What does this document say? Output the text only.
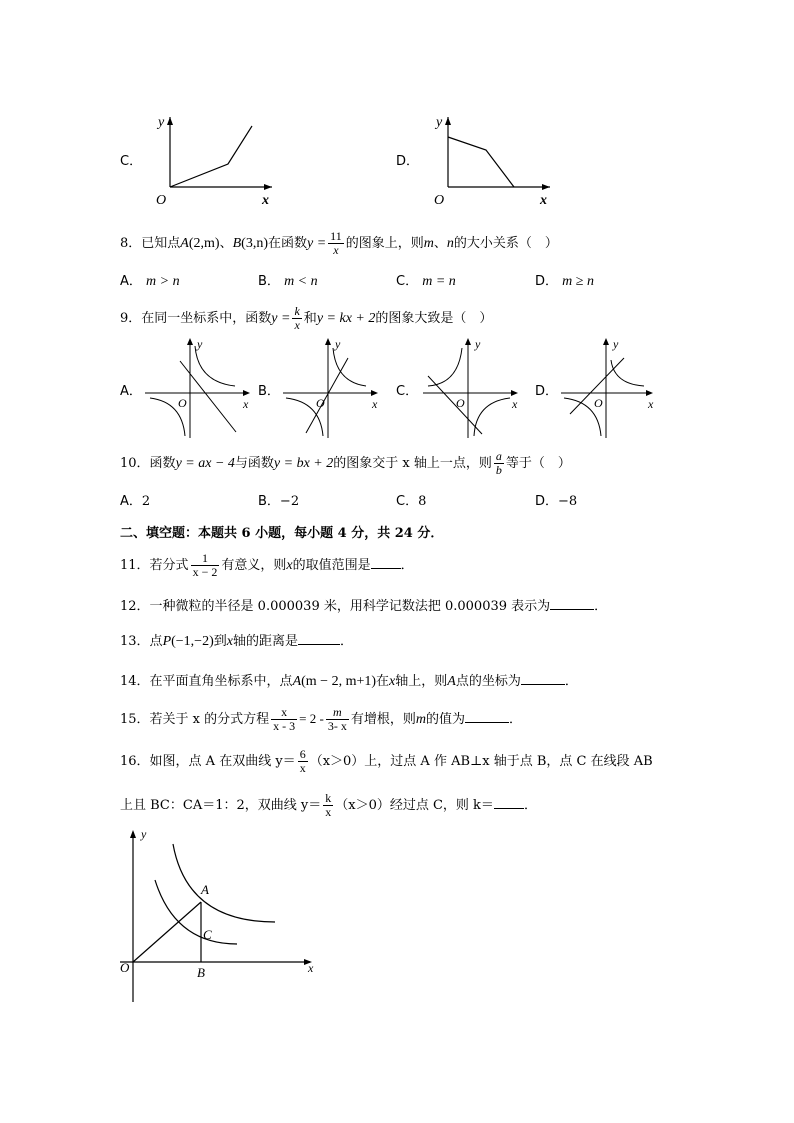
C．
y
x
O
D．
y
x
O
8．已知点A(2,m)、B(3,n)在函数$y = \frac{11}{x}$ 的图象上，则m、n的大小关系（　）
A． m > n	B． m < n	C． m = n	D． m ≥ n
9．在同一坐标系中，函数$y = \frac{k}{x}$ 和y = kx + 2的图象大致是（　）
A．
y
x
O
B．
y
x
O
C．
y
x
O
D．
y
x
O
10．函数y = ax − 4与函数y = bx + 2的图象交于 x 轴上一点，则 $\frac{a}{b}$ 等于（　）
A．2	B．−2	C．8	D．−8
二、填空题：本题共 6 小题，每小题 4 分，共 24 分．
11．若分式 $\frac{1}{x - 2}$ 有意义，则x的取值范围是 ．
12．一种微粒的半径是 0.000039 米，用科学记数法把 0.000039 表示为	．
13．点P(−1,−2)到x轴的距离是	．
14．在平面直角坐标系中，点A(m − 2, m+1)在x轴上，则A点的坐标为	．
15．若关于 x 的分式方程 $\frac{x}{x - 3} = 2 - \frac{m}{3- x}$ 有增根，则m的值为	．
16．如图，点 A 在双曲线 $y= \frac{6}{x} (x>0)$上，过点 A 作 AB⊥x 轴于点 B，点 C 在线段 AB
上且 BC：CA＝1：2，双曲线 $y= \frac{k}{x} (x>0)$经过点 C，则 k＝ ．
y
x
O
A
B
C
